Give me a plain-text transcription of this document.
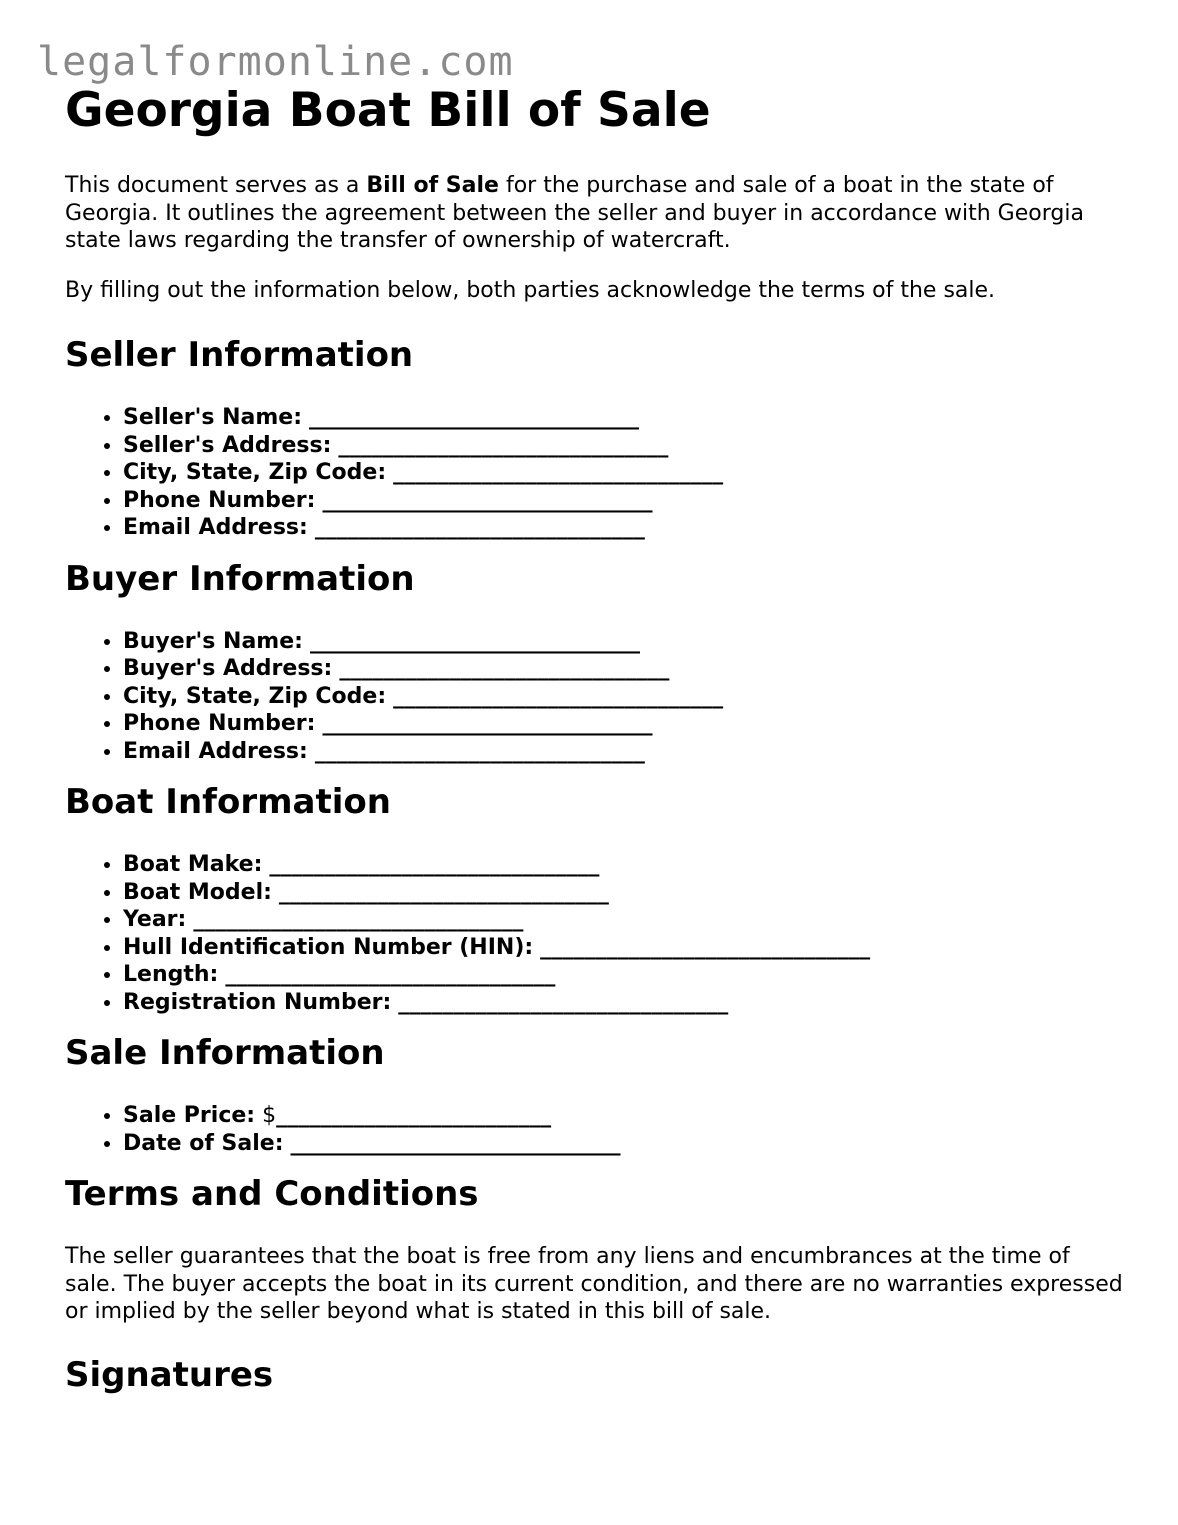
legalformonline.com
Georgia Boat Bill of Sale

This document serves as a Bill of Sale for the purchase and sale of a boat in the state of Georgia. It outlines the agreement between the seller and buyer in accordance with Georgia state laws regarding the transfer of ownership of watercraft.

By filling out the information below, both parties acknowledge the terms of the sale.

Seller Information
• Seller's Name: ______________________________
• Seller's Address: ______________________________
• City, State, Zip Code: ______________________________
• Phone Number: ______________________________
• Email Address: ______________________________
Buyer Information
• Buyer's Name: ______________________________
• Buyer's Address: ______________________________
• City, State, Zip Code: ______________________________
• Phone Number: ______________________________
• Email Address: ______________________________
Boat Information
• Boat Make: ______________________________
• Boat Model: ______________________________
• Year: ______________________________
• Hull Identification Number (HIN): ______________________________
• Length: ______________________________
• Registration Number: ______________________________
Sale Information
• Sale Price: $_________________________
• Date of Sale: ______________________________
Terms and Conditions

The seller guarantees that the boat is free from any liens and encumbrances at the time of sale. The buyer accepts the boat in its current condition, and there are no warranties expressed or implied by the seller beyond what is stated in this bill of sale.

Signatures
